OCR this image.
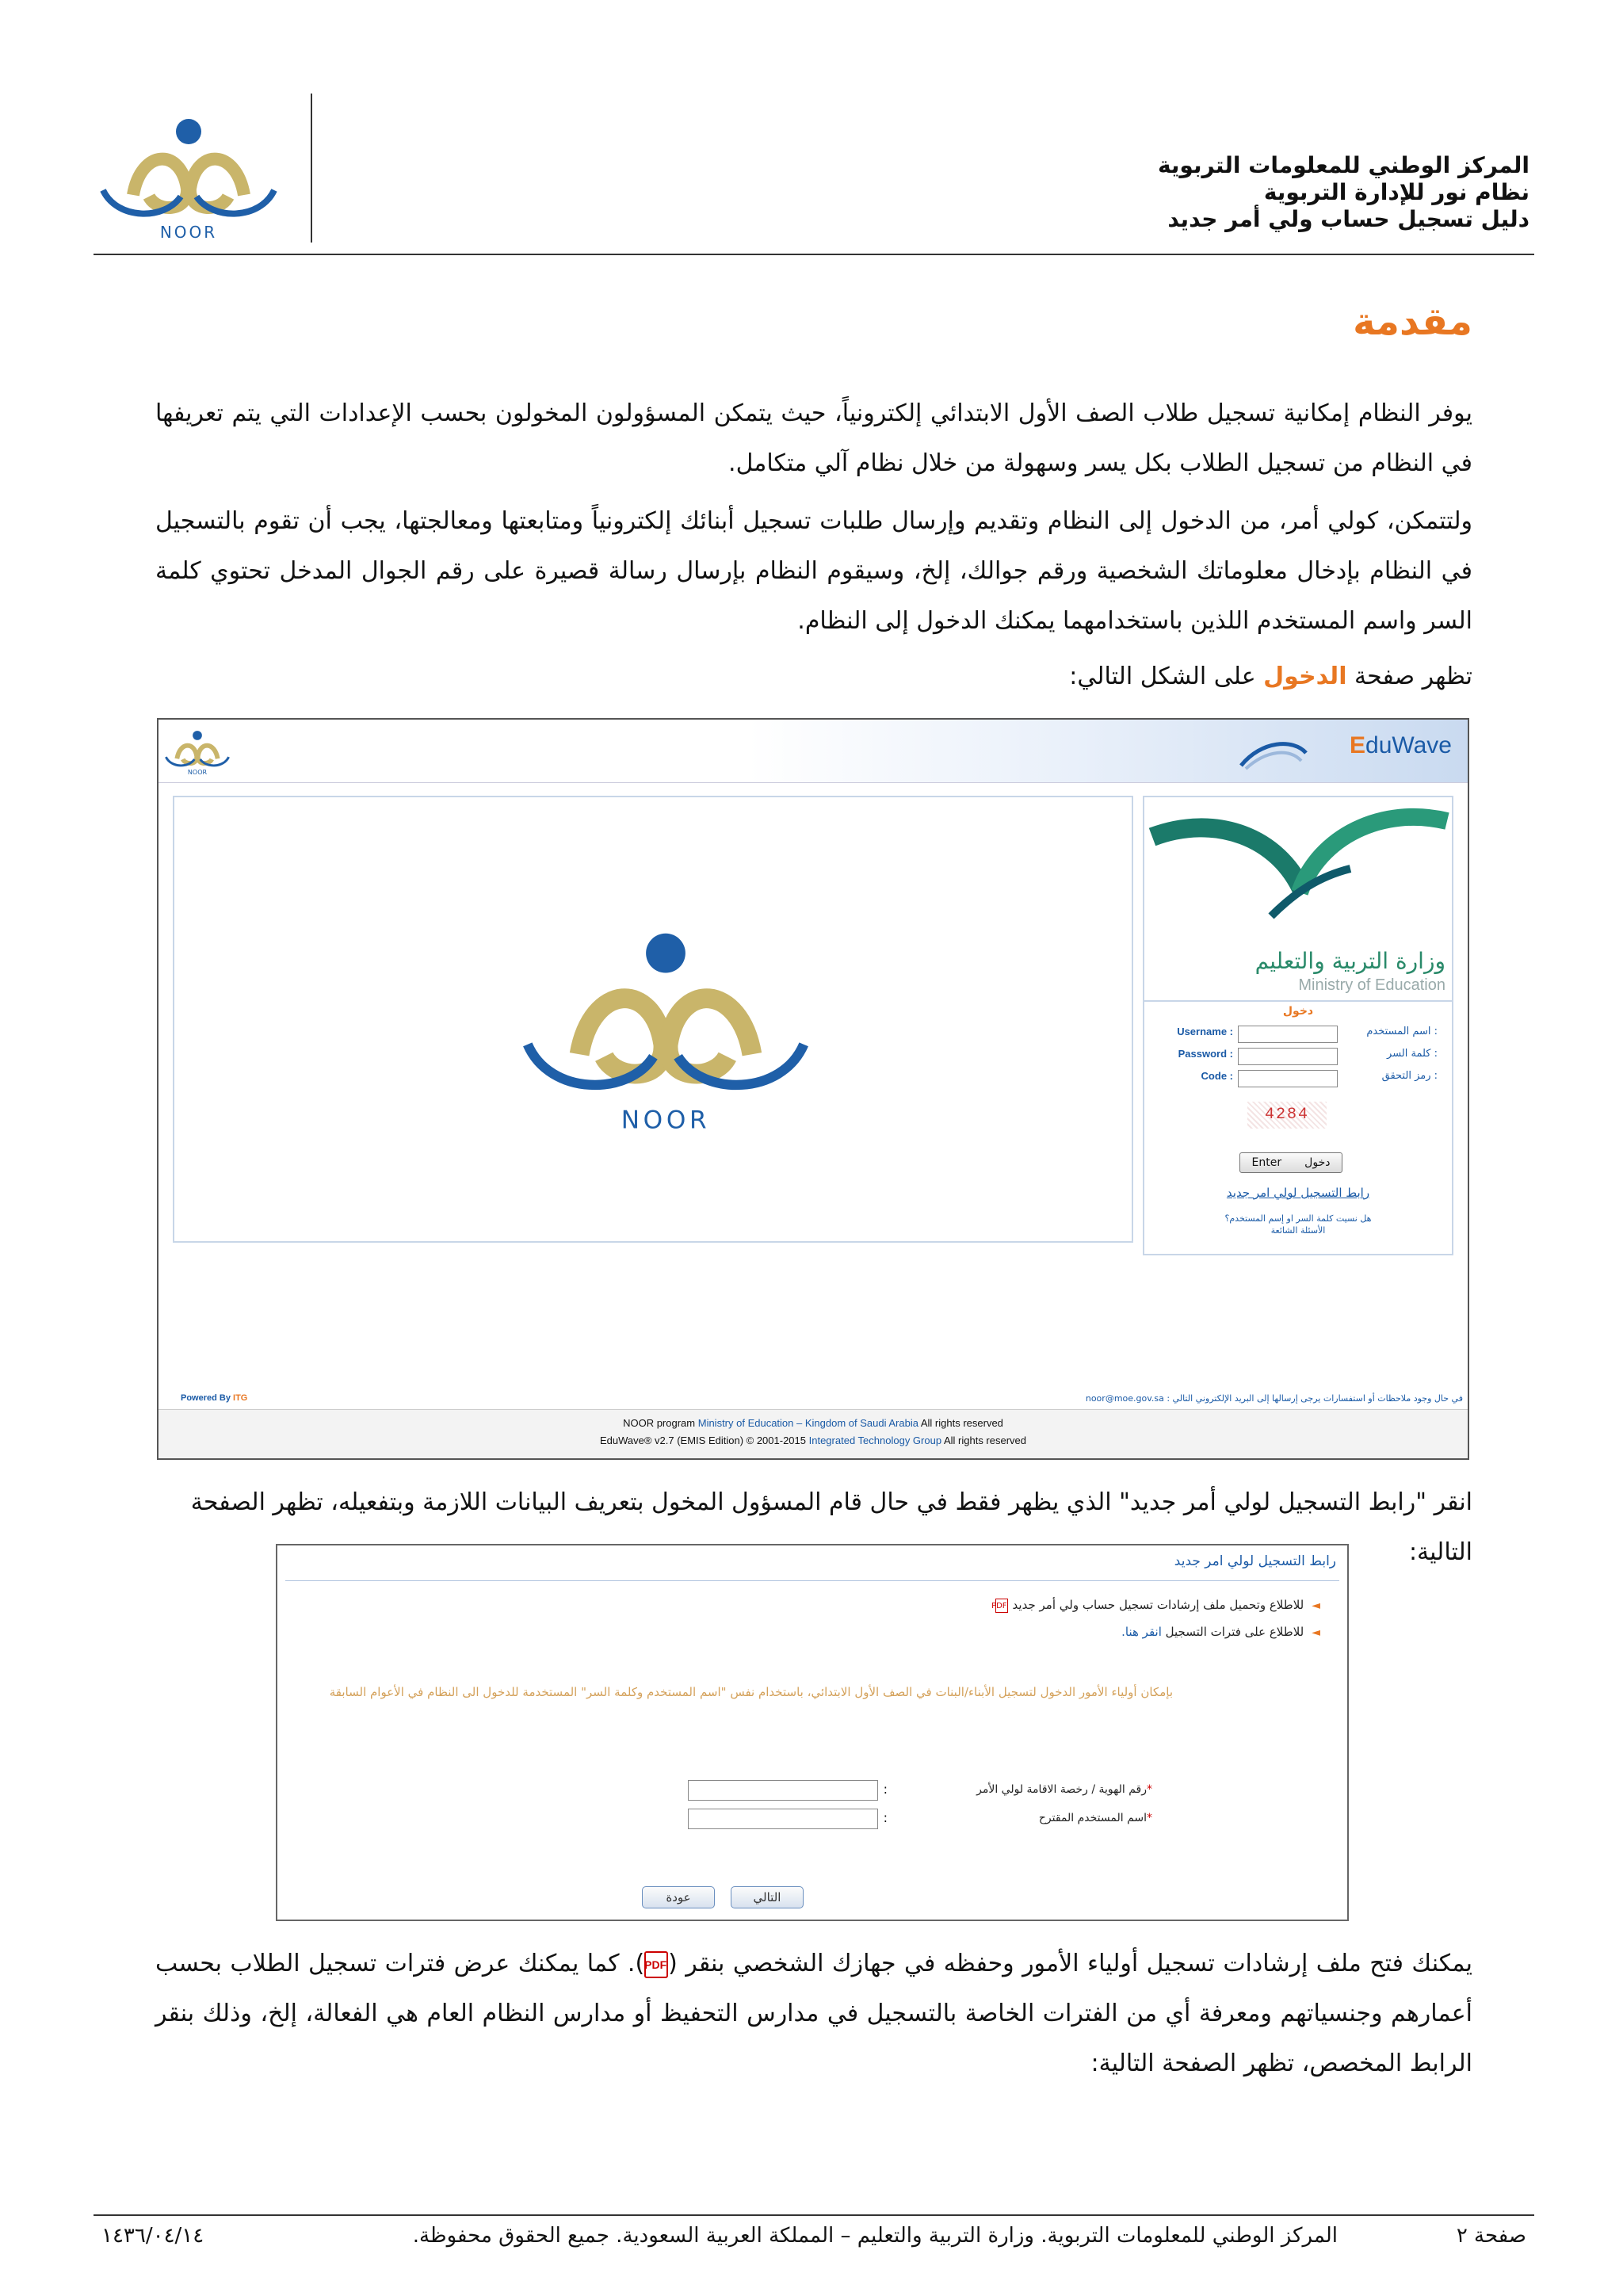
NOOR
المركز الوطني للمعلومات التربوية
نظام نور للإدارة التربوية
دليل تسجيل حساب ولي أمر جديد
مقدمة

يوفر النظام إمكانية تسجيل طلاب الصف الأول الابتدائي إلكترونياً، حيث يتمكن المسؤولون المخولون بحسب الإعدادات التي يتم تعريفها في النظام من تسجيل الطلاب بكل يسر وسهولة من خلال نظام آلي متكامل.

ولتتمكن، كولي أمر، من الدخول إلى النظام وتقديم وإرسال طلبات تسجيل أبنائك إلكترونياً ومتابعتها ومعالجتها، يجب أن تقوم بالتسجيل في النظام بإدخال معلوماتك الشخصية ورقم جوالك، إلخ، وسيقوم النظام بإرسال رسالة قصيرة على رقم الجوال المدخل تحتوي كلمة السر واسم المستخدم اللذين باستخدامهما يمكنك الدخول إلى النظام.

تظهر صفحة الدخول على الشكل التالي:

NOOR
EduWave
NOOR
وزارة التربية والتعليم
Ministry of Education
دخول
Username :	: اسم المستخدم
Password :	: كلمة السر
Code :	: رمز التحقق
4284
Enter دخول
رابط التسجيل لولي امر جديد
هل نسيت كلمة السر او إسم المستخدم؟
الأسئلة الشائعة
Powered By ITG	في حال وجود ملاحظات أو استفسارات يرجى إرسالها إلى البريد الإلكتروني التالي : noor@moe.gov.sa
NOOR program Ministry of Education – Kingdom of Saudi Arabia All rights reserved
EduWave® v2.7 (EMIS Edition) © 2001-2015 Integrated Technology Group All rights reserved

انقر "رابط التسجيل لولي أمر جديد" الذي يظهر فقط في حال قام المسؤول المخول بتعريف البيانات اللازمة وبتفعيله، تظهر الصفحة التالية:

رابط التسجيل لولي امر جديد
◄للاطلاع وتحميل ملف إرشادات تسجيل حساب ولي أمر جديدPDF
◄للاطلاع على فترات التسجيل انقر هنا.
بإمكان أولياء الأمور الدخول لتسجيل الأبناء/البنات في الصف الأول الابتدائي، باستخدام نفس "اسم المستخدم وكلمة السر" المستخدمة للدخول الى النظام في الأعوام السابقة
*رقم الهوية / رخصة الاقامة لولي الأمر
:
*اسم المستخدم المقترح
:
التالي
عودة

يمكنك فتح ملف إرشادات تسجيل أولياء الأمور وحفظه في جهازك الشخصي بنقر (PDF). كما يمكنك عرض فترات تسجيل الطلاب بحسب أعمارهم وجنسياتهم ومعرفة أي من الفترات الخاصة بالتسجيل في مدارس التحفيظ أو مدارس النظام العام هي الفعالة، إلخ، وذلك بنقر الرابط المخصص، تظهر الصفحة التالية:

صفحة ٢
المركز الوطني للمعلومات التربوية. وزارة التربية والتعليم – المملكة العربية السعودية. جميع الحقوق محفوظة.
١٤٣٦/٠٤/١٤
